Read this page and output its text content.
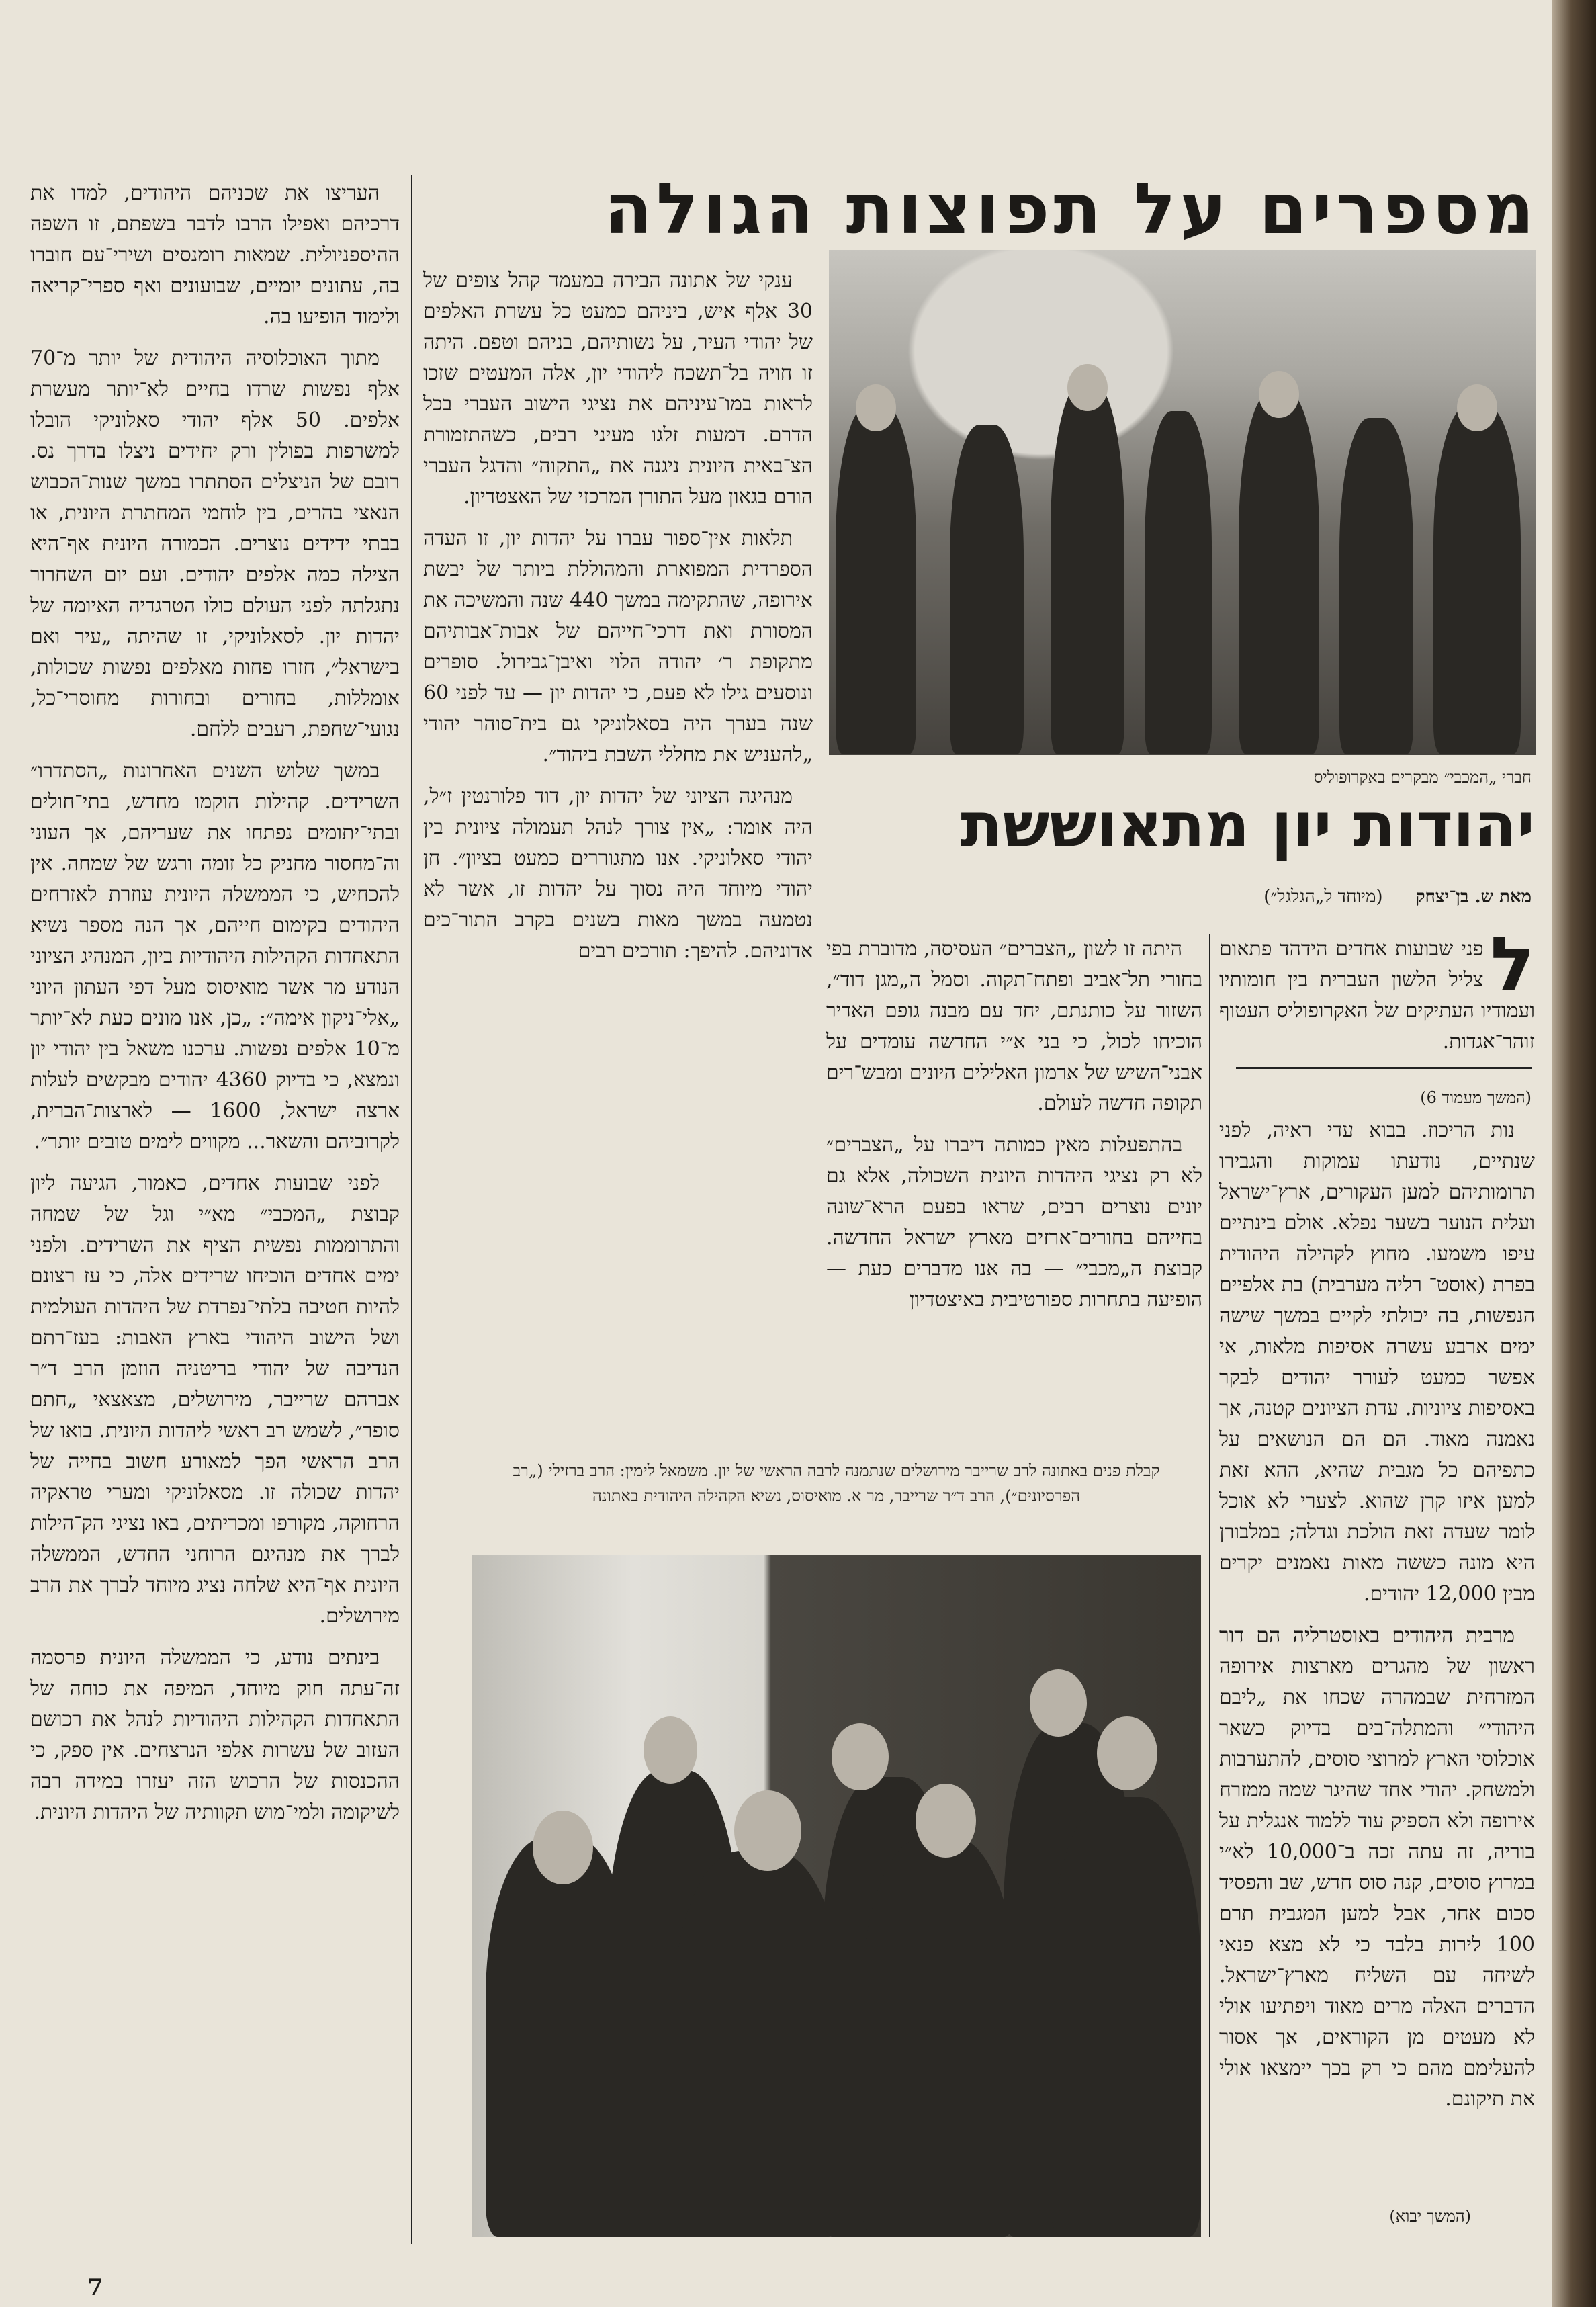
מספרים על תפוצות הגולה

העריצו את שכניהם היהודים, למדו את דרכיהם ואפילו הרבו לדבר בשפתם, זו השפה ההיספניולית. שמאות רומנסים ושירי־עם חוברו בה, עתונים יומיים, שבועונים ואף ספרי־קריאה ולימוד הופיעו בה.

מתוך האוכלוסיה היהודית של יותר מ־70 אלף נפשות שרדו בחיים לא־יותר מעשרת אלפים. 50 אלף יהודי סאלוניקי הובלו למשרפות בפולין ורק יחידים ניצלו בדרך נס. רובם של הניצלים הסתתרו במשך שנות־הכבוש הנאצי בהרים, בין לוחמי המחתרת היונית, או בבתי ידידים נוצרים. הכמורה היונית אף־היא הצילה כמה אלפים יהודים. ועם יום השחרור נתגלתה לפני העולם כולו הטרגדיה האיומה של יהדות יון. לסאלוניקי, זו שהיתה „עיר ואם בישראל״, חזרו פחות מאלפים נפשות שכולות, אומללות, בחורים ובחורות מחוסרי־כל, נגועי־שחפת, רעבים ללחם.

במשך שלוש השנים האחרונות „הסתדרו״ השרידים. קהילות הוקמו מחדש, בתי־חולים ובתי־יתומים נפתחו את שעריהם, אך העוני וה־מחסור מחניק כל זומה ורגש של שמחה. אין להכחיש, כי הממשלה היונית עוזרת לאזרחים היהודים בקימום חייהם, אך הנה מספר נשיא התאחדות הקהילות היהודיות ביון, המנהיג הציוני הנודע מר אשר מואיסוס מעל דפי העתון היוני „אלי־ניקון אימה״: „כן, אנו מונים כעת לא־יותר מ־10 אלפים נפשות. ערכנו משאל בין יהודי יון ונמצא, כי בדיוק 4360 יהודים מבקשים לעלות ארצה ישראל, 1600 — לארצות־הברית, לקרוביהם והשאר... מקווים לימים טובים יותר״.

לפני שבועות אחדים, כאמור, הגיעה ליון קבוצת „המכבי״ מא״י וגל של שמחה והתרוממות נפשית הציף את השרידים. ולפני ימים אחדים הוכיחו שרידים אלה, כי עז רצונם להיות חטיבה בלתי־נפרדת של היהדות העולמית ושל הישוב היהודי בארץ האבות: בעז־רתם הנדיבה של יהודי בריטניה הוזמן הרב ד״ר אברהם שרייבר, מירושלים, מצאצאי „חתם סופר״, לשמש רב ראשי ליהדות היונית. בואו של הרב הראשי הפך למאורע חשוב בחייה של יהדות שכולה זו. מסאלוניקי ומערי טראקיה הרחוקה, מקורפו ומכריתים, באו נציגי הק־הילות לברך את מנהיגם הרוחני החדש, הממשלה היונית אף־היא שלחה נציג מיוחד לברך את הרב מירושלים.

בינתים נודע, כי הממשלה היונית פרסמה זה־עתה חוק מיוחד, המיפה את כוחה של התאחדות הקהילות היהודיות לנהל את רכושם העזוב של עשרות אלפי הנרצחים. אין ספק, כי ההכנסות של הרכוש הזה יעזרו במידה רבה לשיקומה ולמי־מוש תקוותיה של היהדות היונית.

ענקי של אתונה הבירה במעמד קהל צופים של 30 אלף איש, ביניהם כמעט כל עשרת האלפים של יהודי העיר, על נשותיהם, בניהם וטפם. היתה זו חויה בל־תשכח ליהודי יון, אלה המעטים שזכו לראות במו־עיניהם את נציגי הישוב העברי בכל הדרם. דמעות זלגו מעיני רבים, כשהתזמורת הצ־באית היונית ניגנה את „התקוה״ והדגל העברי הורם בגאון מעל התורן המרכזי של האצטדיון.

תלאות אין־ספור עברו על יהדות יון, זו העדה הספרדית המפוארת והמהוללת ביותר של יבשת אירופה, שהתקימה במשך 440 שנה והמשיכה את המסורת ואת דרכי־חייהם של אבות־אבותיהם מתקופת ר׳ יהודה הלוי ואיבן־גבירול. סופרים ונוסעים גילו לא פעם, כי יהדות יון — עד לפני 60 שנה בערך היה בסאלוניקי גם בית־סוהר יהודי „להעניש את מחללי השבת ביהוד״.

מנהיגה הציוני של יהדות יון, דוד פלורנטין ז״ל, היה אומר: „אין צורך לנהל תעמולה ציונית בין יהודי סאלוניקי. אנו מתגוררים כמעט בציון״. חן יהודי מיוחד היה נסוך על יהדות זו, אשר לא נטמעה במשך מאות בשנים בקרב התור־כים אדוניהם. להיפך: תורכים רבים

חברי „המכבי״ מבקרים באקרופוליס
יהודות יון מתאוששת
מאת ש. בן־יצחק (מיוחד ל„הגלגל״)

היתה זו לשון „הצברים״ העסיסה, מדוברת בפי בחורי תל־אביב ופתח־תקוה. וסמל ה„מגן דוד״, השזור על כותנתם, יחד עם מבנה גופם האדיר הוכיחו לכול, כי בני א״י החדשה עומדים על אבני־השיש של ארמון האלילים היונים ומבש־רים תקופה חדשה לעולם.

בהתפעלות מאין כמותה דיברו על „הצברים״ לא רק נציגי היהדות היונית השכולה, אלא גם יונים נוצרים רבים, שראו בפעם הרא־שונה בחייהם בחורים־ארזים מארץ ישראל החדשה. קבוצת ה„מכבי״ — בה אנו מדברים כעת — הופיעה בתחרות ספורטיבית באיצטדיון

ל
פני שבועות אחדים הידהד פתאום צליל הלשון העברית בין חומותיו ועמודיו העתיקים של האקרופוליס העטוף זוהר־אגדות.

(המשך מעמוד 6)

נות הריכוז. בבוא עדי ראיה, לפני שנתיים, נודעתו עמוקות והגבירו תרומותיהם למען העקורים, ארץ־ישראל ועלית הנוער בשער נפלא. אולם בינתיים עיפו משמעו. מחוץ לקהילה היהודית בפרת (אוסט־ רליה מערבית) בת אלפיים הנפשות, בה יכולתי לקיים במשך שישה ימים ארבע עשרה אסיפות מלאות, אי אפשר כמעט לעורר יהודים לבקר באסיפות ציוניות. עדת הציונים קטנה, אך נאמנה מאוד. הם הם הנושאים על כתפיהם כל מגבית שהיא, ההא זאת למען איזו קרן שהוא. לצערי לא אוכל לומר שעדה זאת הולכת וגדלה; במלבורן היא מונה כששה מאות נאמנים יקרים מבין 12,000 יהודים.

מרבית היהודים באוסטרליה הם דור ראשון של מהגרים מארצות אירופה המזרחית שבמהרה שכחו את „ליבם היהודי״ והמתלה־בים בדיוק כשאר אוכלוסי הארץ למרוצי סוסים, להתערבות ולמשחק. יהודי אחד שהיגר שמה ממזרח אירופה ולא הספיק עוד ללמוד אנגלית על בוריה, זה עתה זכה ב־10,000 לא״י במרוץ סוסים, קנה סוס חדש, שב והפסיד סכום אחר, אבל למען המגבית תרם 100 לירות בלבד כי לא מצא פנאי לשיחה עם השליח מארץ־ישראל. הדברים האלה מרים מאוד ויפתיעו אולי לא מעטים מן הקוראים, אך אסור להעלימם מהם כי רק בכך יימצאו אולי את תיקונם.

(המשך יבוא)
קבלת פנים באתונה לרב שרייבר מירושלים שנתמנה לרבה הראשי של יון. משמאל לימין: הרב ברזילי („רב הפרסיונים״), הרב ד״ר שרייבר, מר א. מואיסוס, נשיא הקהילה היהודית באתונה
7
